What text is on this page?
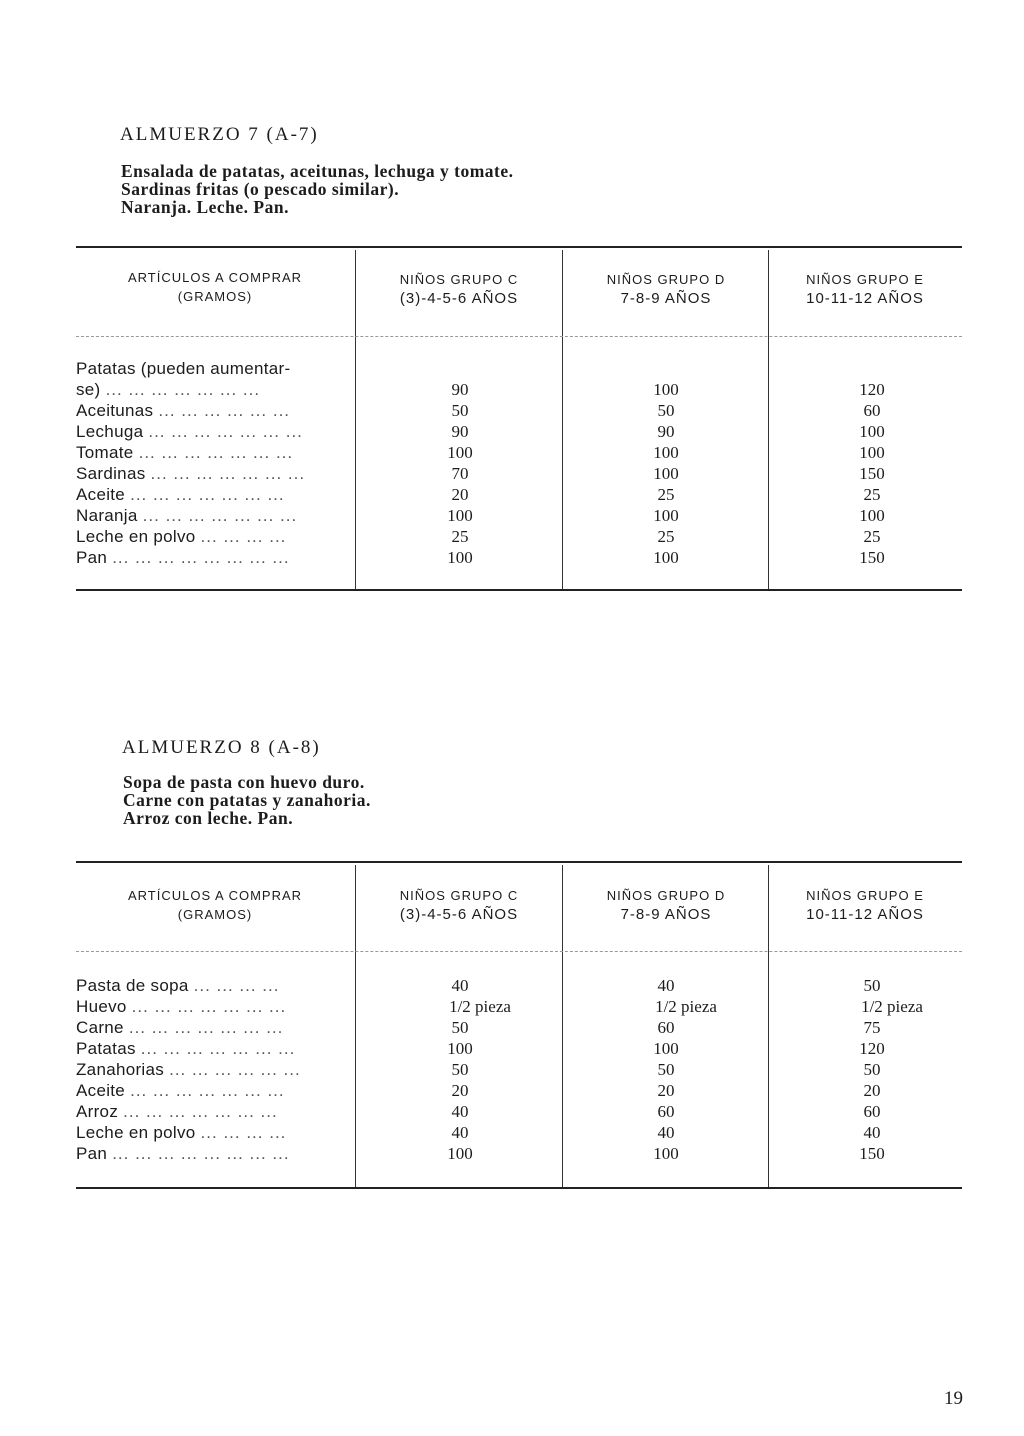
ALMUERZO 7 (A-7)
Ensalada de patatas, aceitunas, lechuga y tomate.
Sardinas fritas (o pescado similar).
Naranja. Leche. Pan.
ARTÍCULOS A COMPRAR
(GRAMOS)
NIÑOS GRUPO C
(3)-4-5-6 AÑOS
NIÑOS GRUPO D
7-8-9 AÑOS
NIÑOS GRUPO E
10-11-12 AÑOS
Patatas (pueden aumentar-
se) ... ... ... ... ... ... ...
Aceitunas ... ... ... ... ... ...
Lechuga ... ... ... ... ... ... ...
Tomate ... ... ... ... ... ... ...
Sardinas ... ... ... ... ... ... ...
Aceite ... ... ... ... ... ... ...
Naranja ... ... ... ... ... ... ...
Leche en polvo ... ... ... ...
Pan ... ... ... ... ... ... ... ...

90
50
90
100
70
20
100
25
100

100
50
90
100
100
25
100
25
100

120
60
100
100
150
25
100
25
150
ALMUERZO 8 (A-8)
Sopa de pasta con huevo duro.
Carne con patatas y zanahoria.
Arroz con leche. Pan.
ARTÍCULOS A COMPRAR
(GRAMOS)
NIÑOS GRUPO C
(3)-4-5-6 AÑOS
NIÑOS GRUPO D
7-8-9 AÑOS
NIÑOS GRUPO E
10-11-12 AÑOS
Pasta de sopa ... ... ... ...
Huevo ... ... ... ... ... ... ...
Carne ... ... ... ... ... ... ...
Patatas ... ... ... ... ... ... ...
Zanahorias ... ... ... ... ... ...
Aceite ... ... ... ... ... ... ...
Arroz ... ... ... ... ... ... ...
Leche en polvo ... ... ... ...
Pan ... ... ... ... ... ... ... ...
40
1/2 pieza
50
100
50
20
40
40
100
40
1/2 pieza
60
100
50
20
60
40
100
50
1/2 pieza
75
120
50
20
60
40
150
19
